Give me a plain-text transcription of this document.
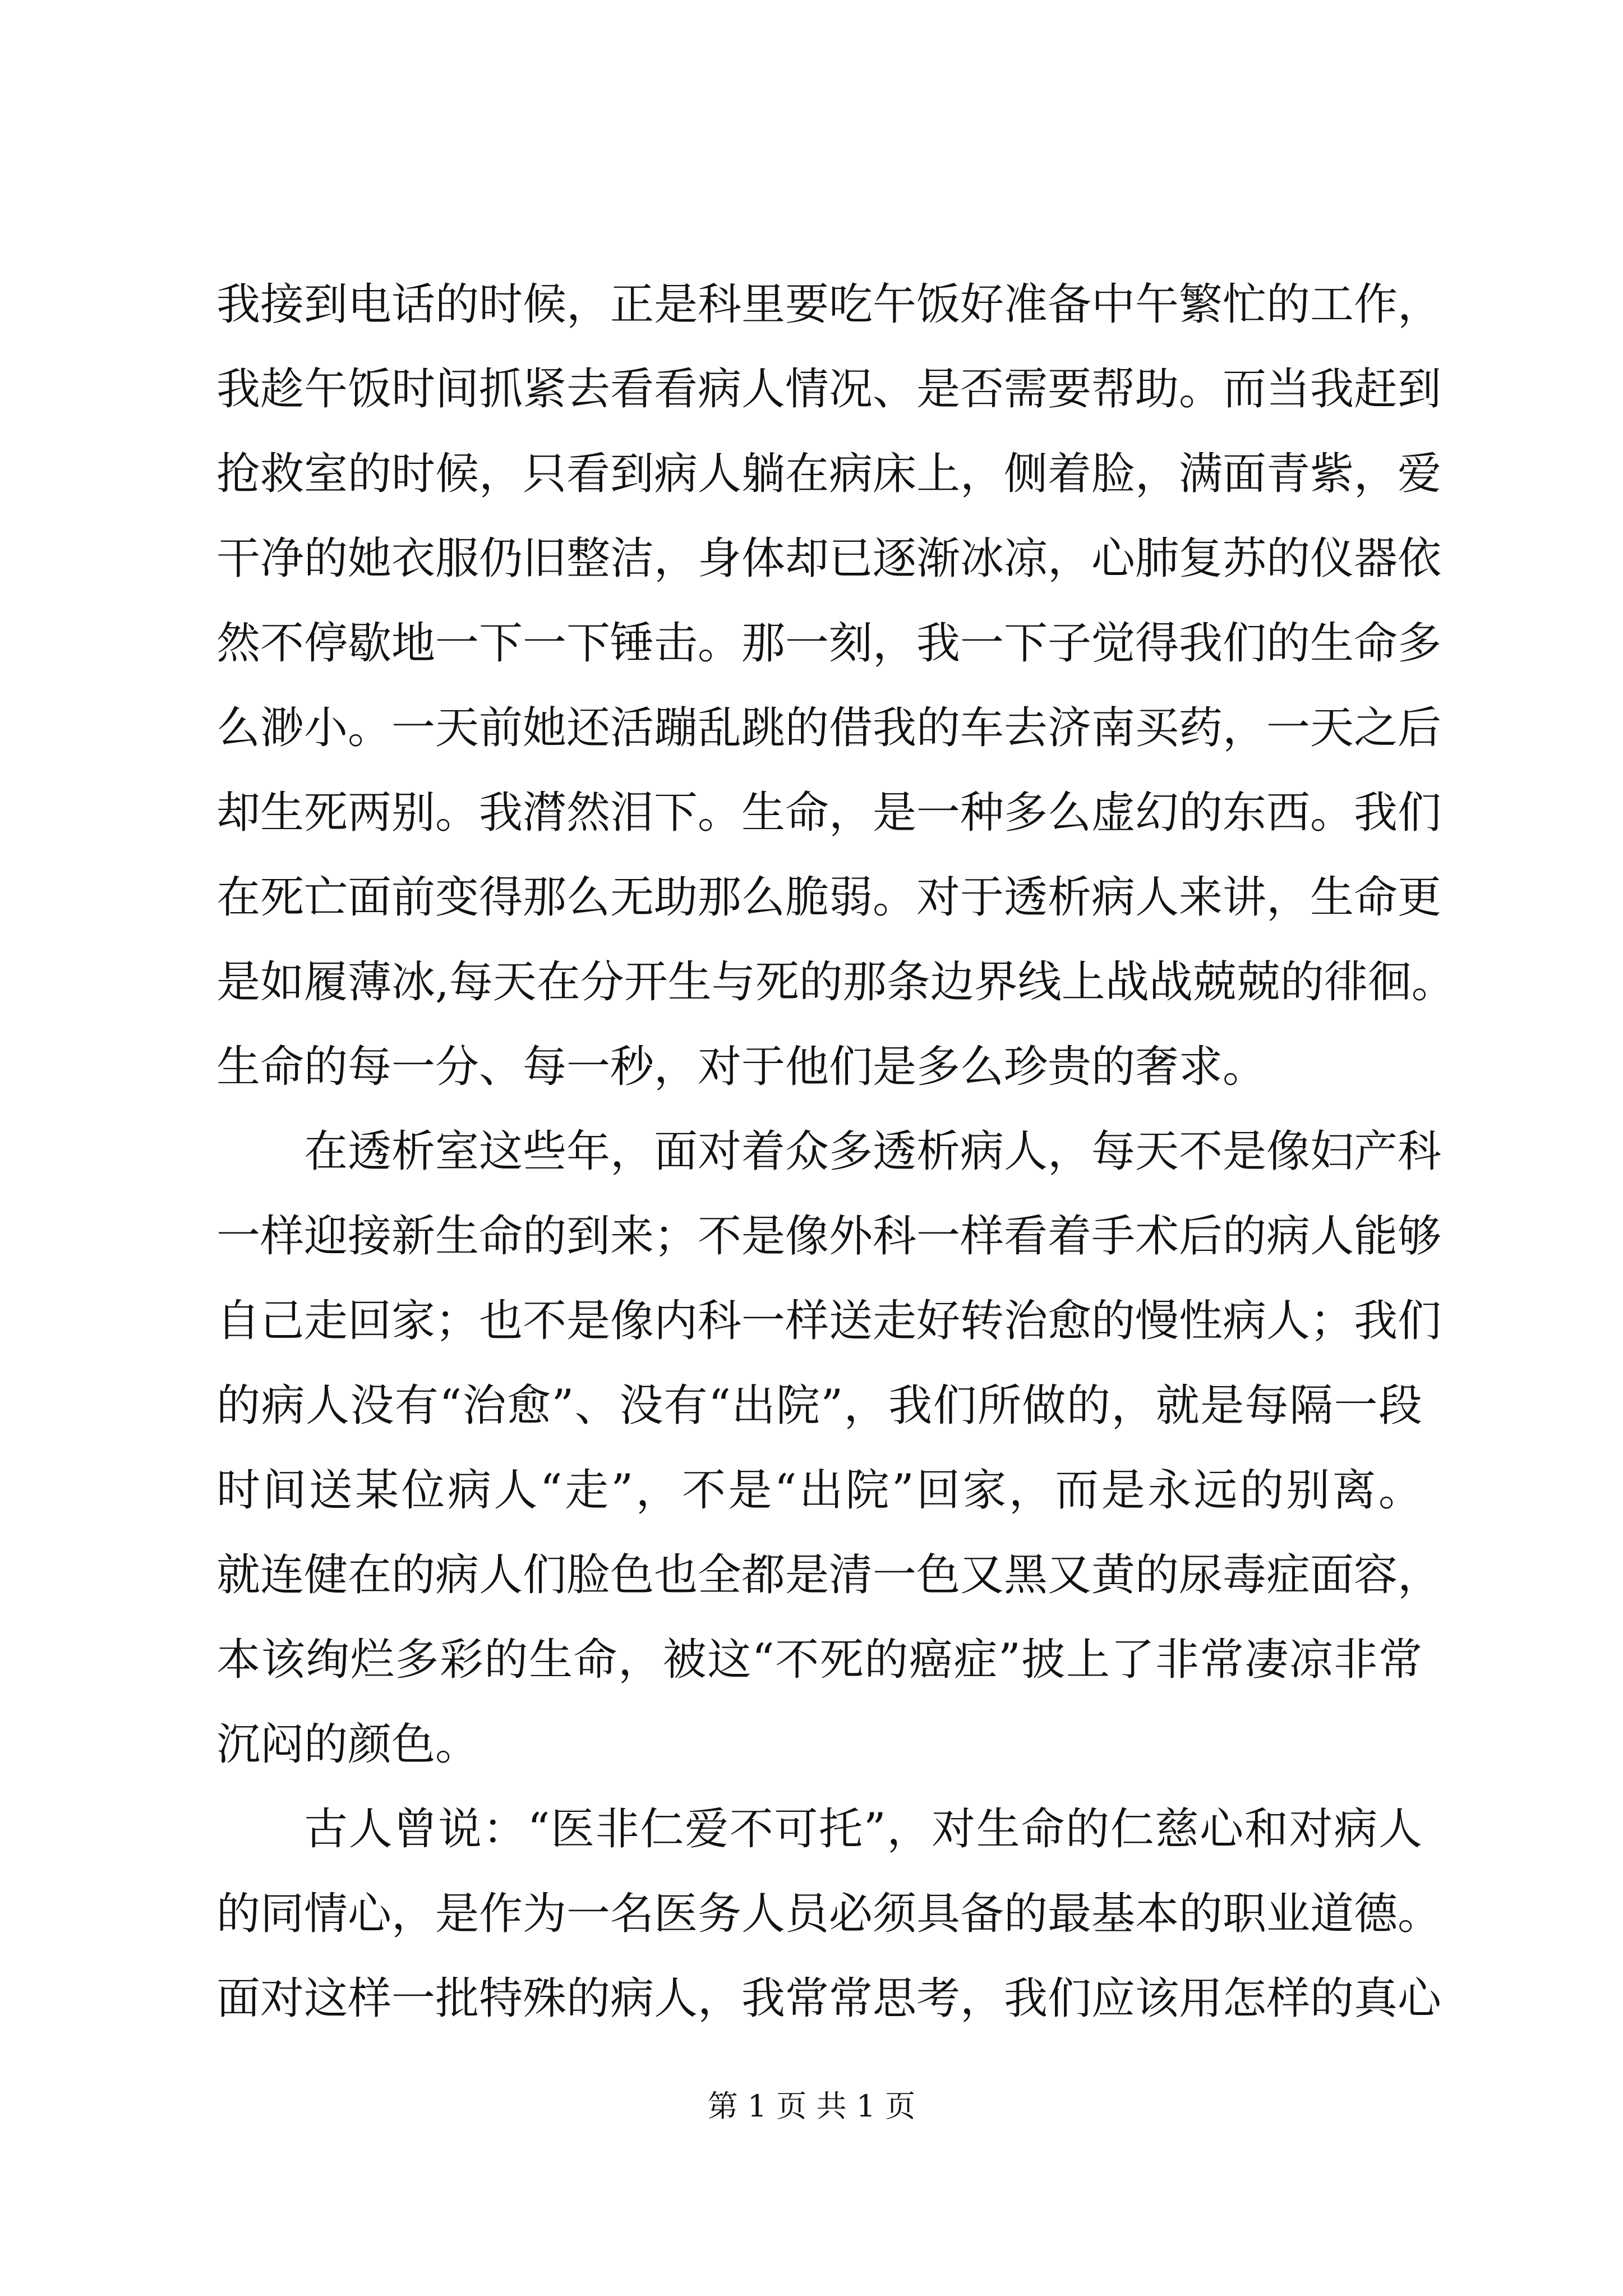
我接到电话的时候，正是科里要吃午饭好准备中午繁忙的工作，
我趁午饭时间抓紧去看看病人情况、是否需要帮助。而当我赶到
抢救室的时候，只看到病人躺在病床上，侧着脸，满面青紫，爱
干净的她衣服仍旧整洁，身体却已逐渐冰凉，心肺复苏的仪器依
然不停歇地一下一下锤击。那一刻，我一下子觉得我们的生命多
么渺小。一天前她还活蹦乱跳的借我的车去济南买药，一天之后
却生死两别。我潸然泪下。生命，是一种多么虚幻的东西。我们
在死亡面前变得那么无助那么脆弱。对于透析病人来讲，生命更
是如履薄冰,每天在分开生与死的那条边界线上战战兢兢的徘徊。
生命的每一分、每一秒，对于他们是多么珍贵的奢求。
在透析室这些年，面对着众多透析病人，每天不是像妇产科
一样迎接新生命的到来；不是像外科一样看着手术后的病人能够
自己走回家；也不是像内科一样送走好转治愈的慢性病人；我们
的病人没有“治愈”、没有“出院”，我们所做的，就是每隔一段
时间送某位病人“走”，不是“出院”回家，而是永远的别离。
就连健在的病人们脸色也全都是清一色又黑又黄的尿毒症面容，
本该绚烂多彩的生命，被这“不死的癌症”披上了非常凄凉非常
沉闷的颜色。
古人曾说：“医非仁爱不可托”，对生命的仁慈心和对病人
的同情心，是作为一名医务人员必须具备的最基本的职业道德。
面对这样一批特殊的病人，我常常思考，我们应该用怎样的真心
第 1 页 共 1 页
